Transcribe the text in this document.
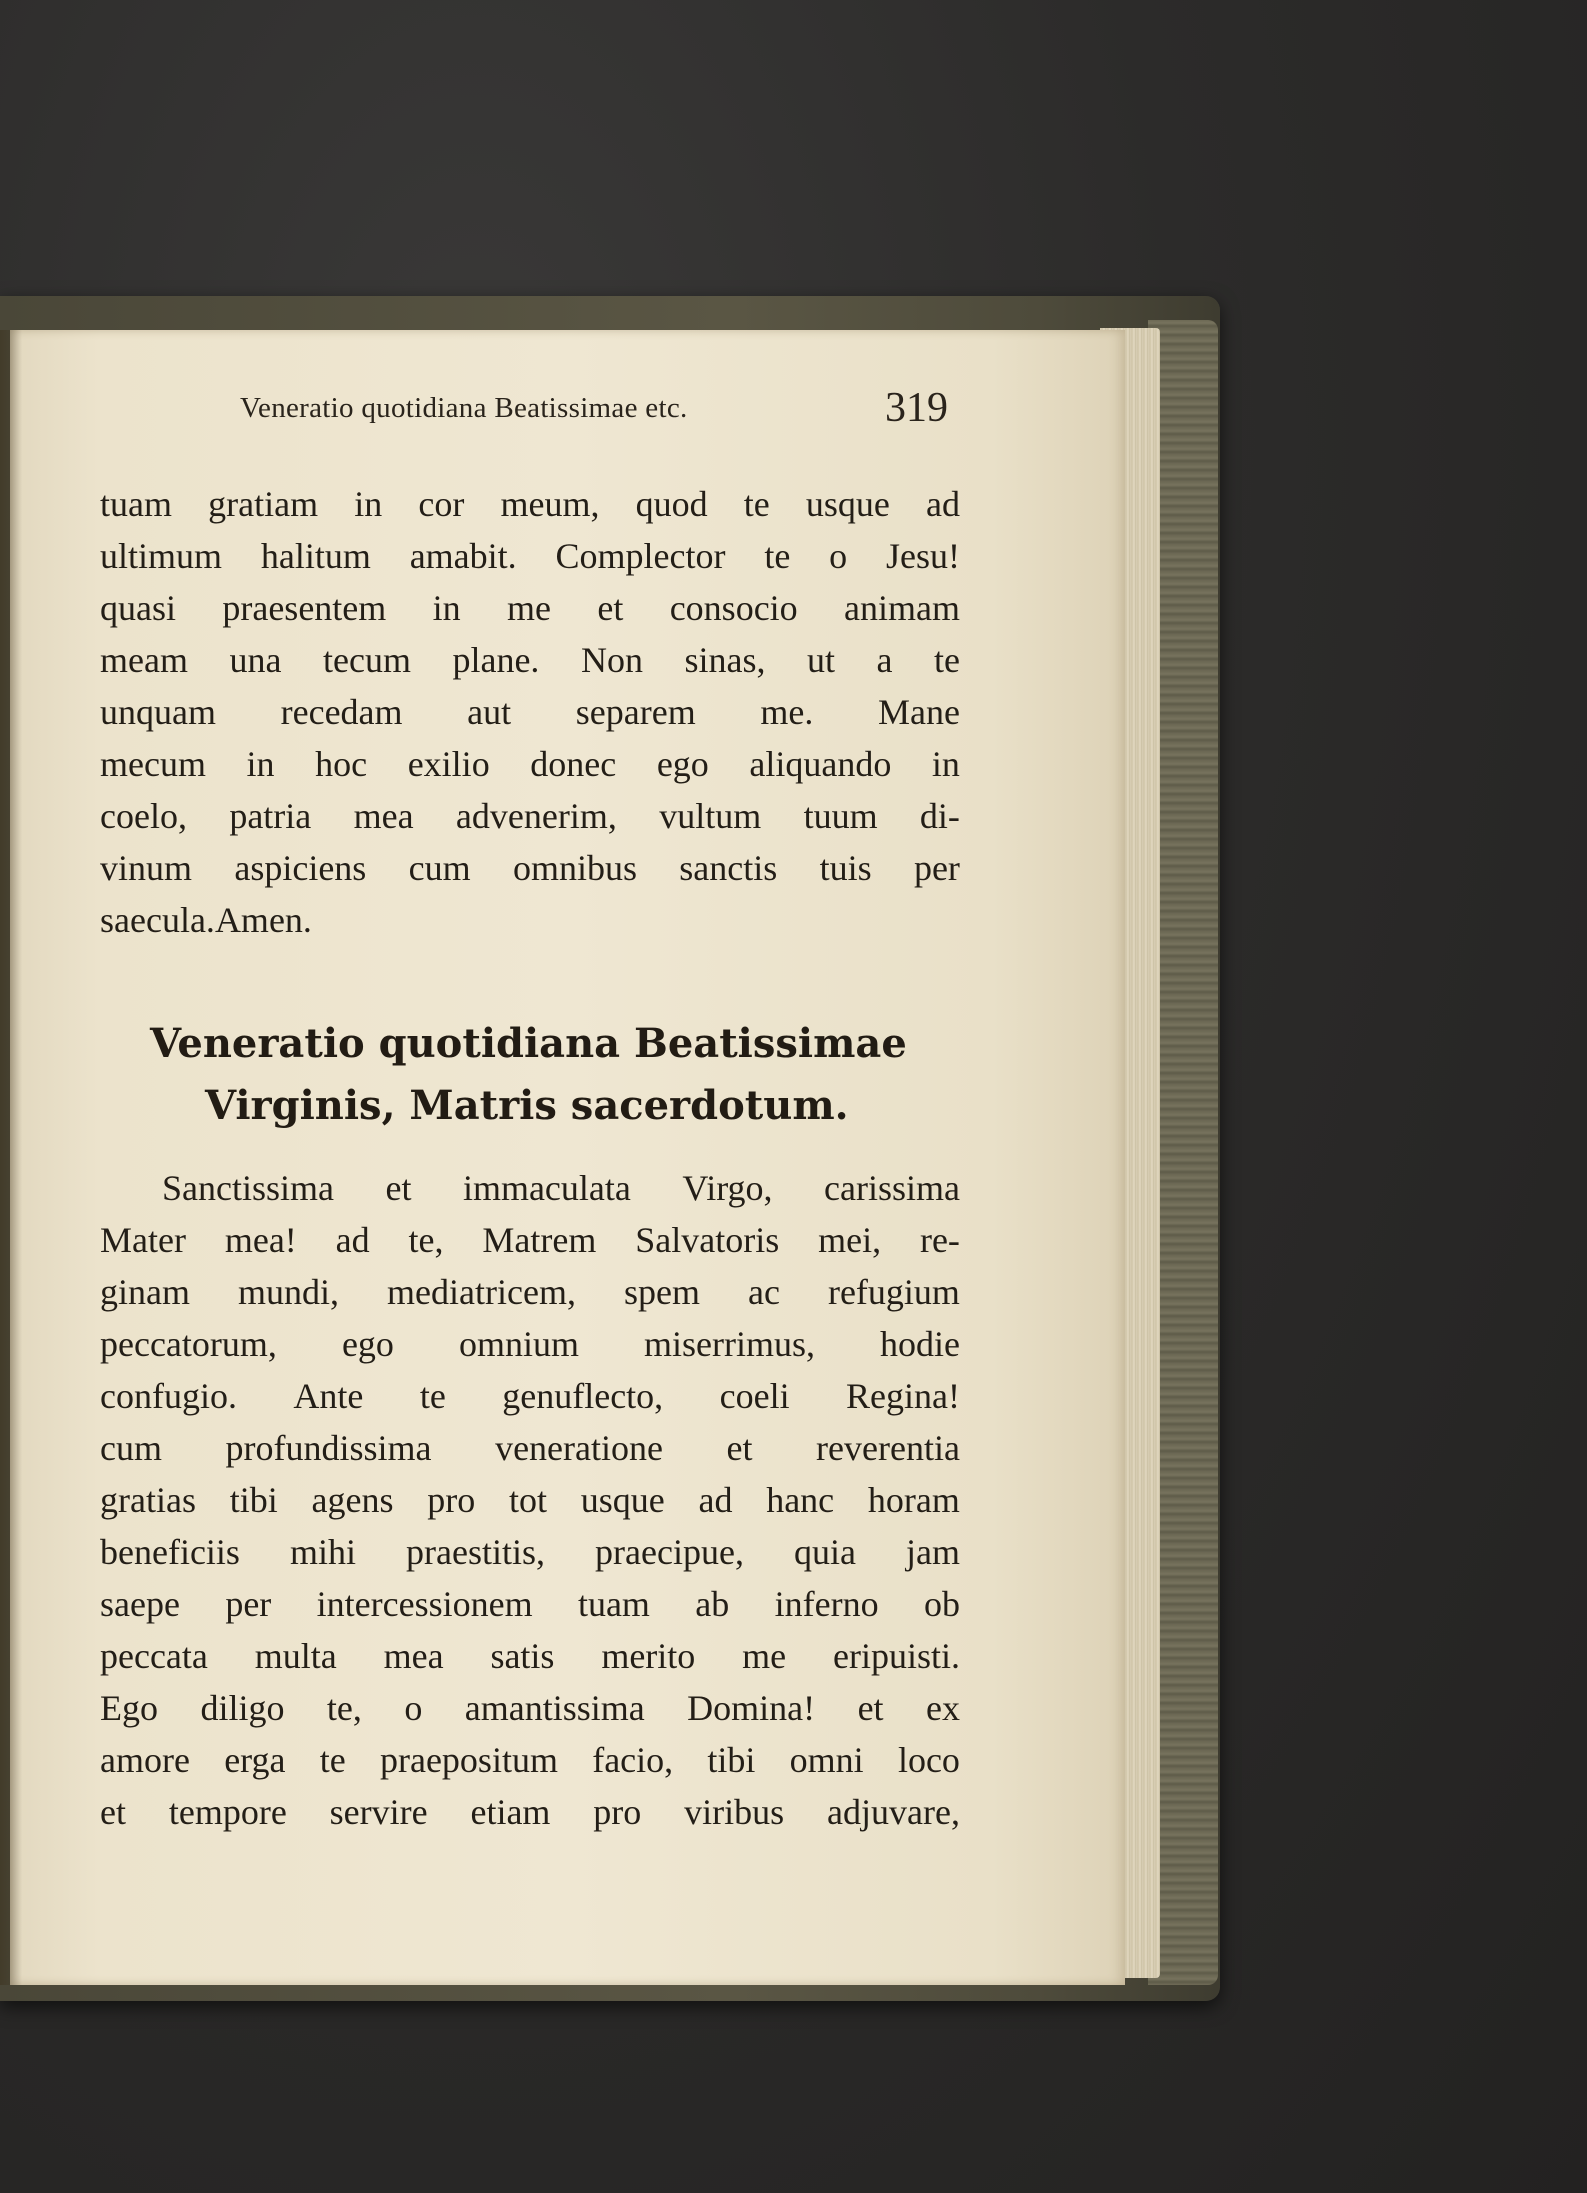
Veneratio quotidiana Beatissimae etc.	319
tuam gratiam in cor meum, quod te usque ad
ultimum halitum amabit. Complector te o Jesu!
quasi praesentem in me et consocio animam
meam una tecum plane. Non sinas, ut a te
unquam recedam aut separem me. Mane
mecum in hoc exilio donec ego aliquando in
coelo, patria mea advenerim, vultum tuum di-
vinum aspiciens cum omnibus sanctis tuis per
saecula. Amen.
Veneratio quotidiana Beatissimae
Virginis, Matris sacerdotum.
Sanctissima et immaculata Virgo, carissima
Mater mea! ad te, Matrem Salvatoris mei, re-
ginam mundi, mediatricem, spem ac refugium
peccatorum, ego omnium miserrimus, hodie
confugio. Ante te genuflecto, coeli Regina!
cum profundissima veneratione et reverentia
gratias tibi agens pro tot usque ad hanc horam
beneficiis mihi praestitis, praecipue, quia jam
saepe per intercessionem tuam ab inferno ob
peccata multa mea satis merito me eripuisti.
Ego diligo te, o amantissima Domina! et ex
amore erga te praepositum facio, tibi omni loco
et tempore servire etiam pro viribus adjuvare,
